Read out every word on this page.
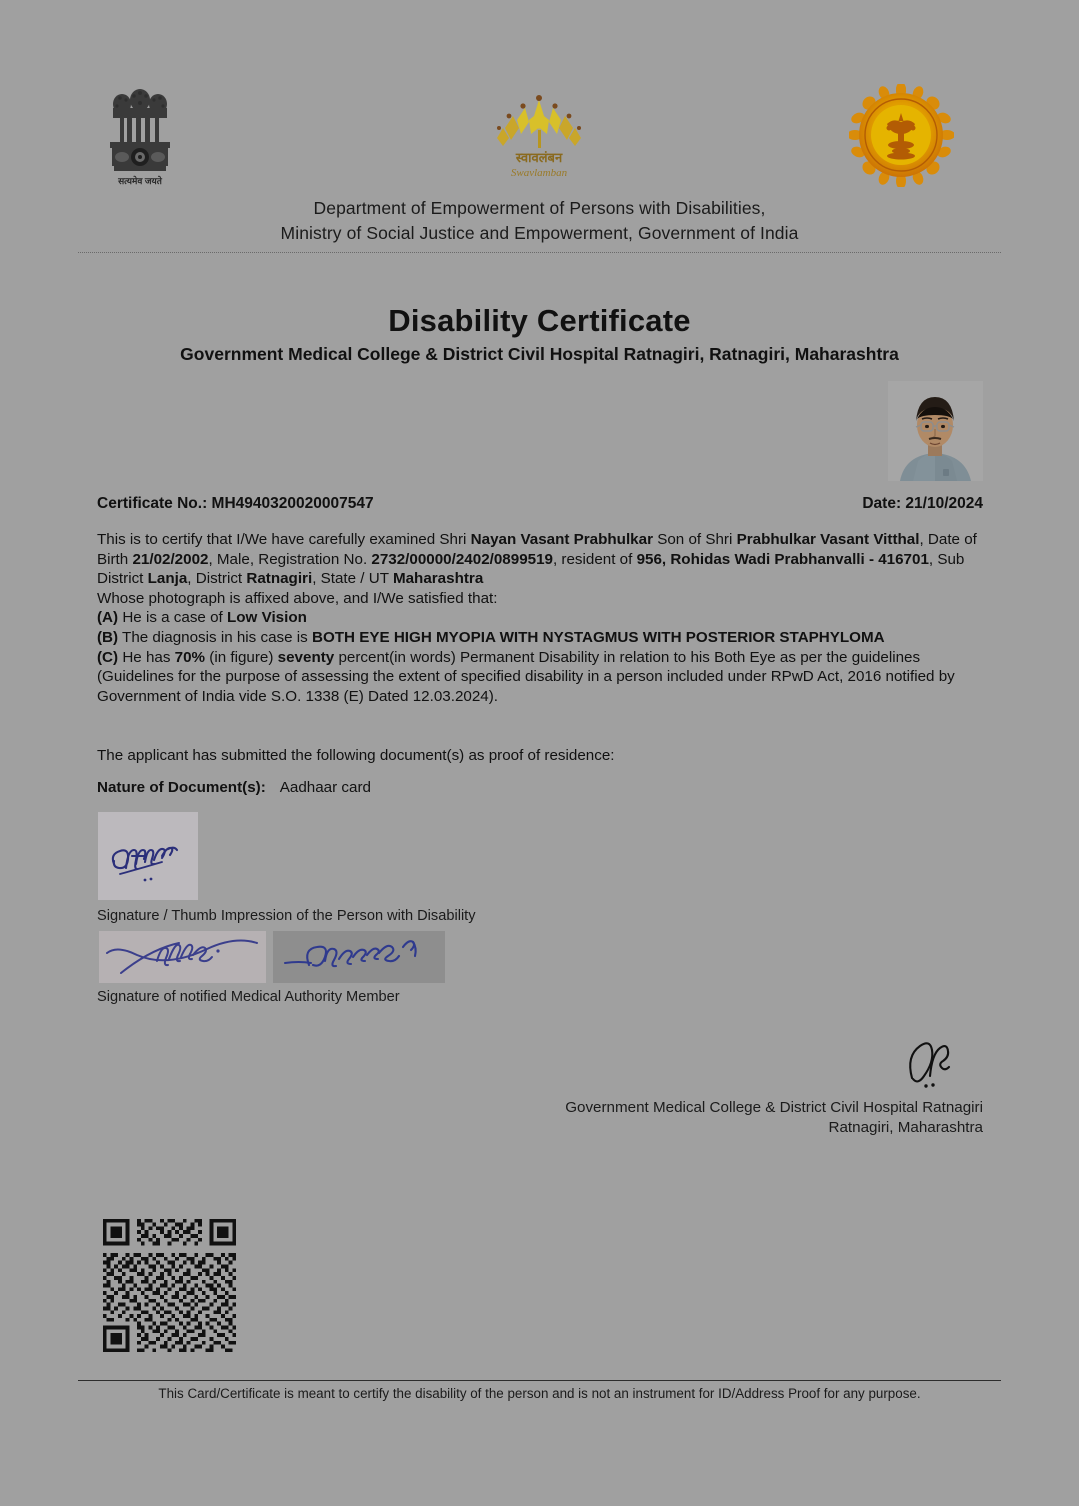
सत्यमेव जयते
स्वावलंबन
Swavlamban
Department of Empowerment of Persons with Disabilities,
Ministry of Social Justice and Empowerment, Government of India
Disability Certificate
Government Medical College & District Civil Hospital Ratnagiri, Ratnagiri, Maharashtra
Certificate No.: MH4940320020007547	Date: 21/10/2024

This is to certify that I/We have carefully examined Shri Nayan Vasant Prabhulkar Son of Shri Prabhulkar Vasant Vitthal, Date of Birth 21/02/2002, Male, Registration No. 2732/00000/2402/0899519, resident of 956, Rohidas Wadi Prabhanvalli - 416701, Sub District Lanja, District Ratnagiri, State / UT Maharashtra

Whose photograph is affixed above, and I/We satisfied that:

(A) He is a case of Low Vision

(B) The diagnosis in his case is BOTH EYE HIGH MYOPIA WITH NYSTAGMUS WITH POSTERIOR STAPHYLOMA

(C) He has 70% (in figure) seventy percent(in words) Permanent Disability in relation to his Both Eye as per the guidelines (Guidelines for the purpose of assessing the extent of specified disability in a person included under RPwD Act, 2016 notified by Government of India vide S.O. 1338 (E) Dated 12.03.2024).

The applicant has submitted the following document(s) as proof of residence:
Nature of Document(s): Aadhaar card
Signature / Thumb Impression of the Person with Disability
Signature of notified Medical Authority Member
Government Medical College & District Civil Hospital Ratnagiri
Ratnagiri, Maharashtra
This Card/Certificate is meant to certify the disability of the person and is not an instrument for ID/Address Proof for any purpose.
